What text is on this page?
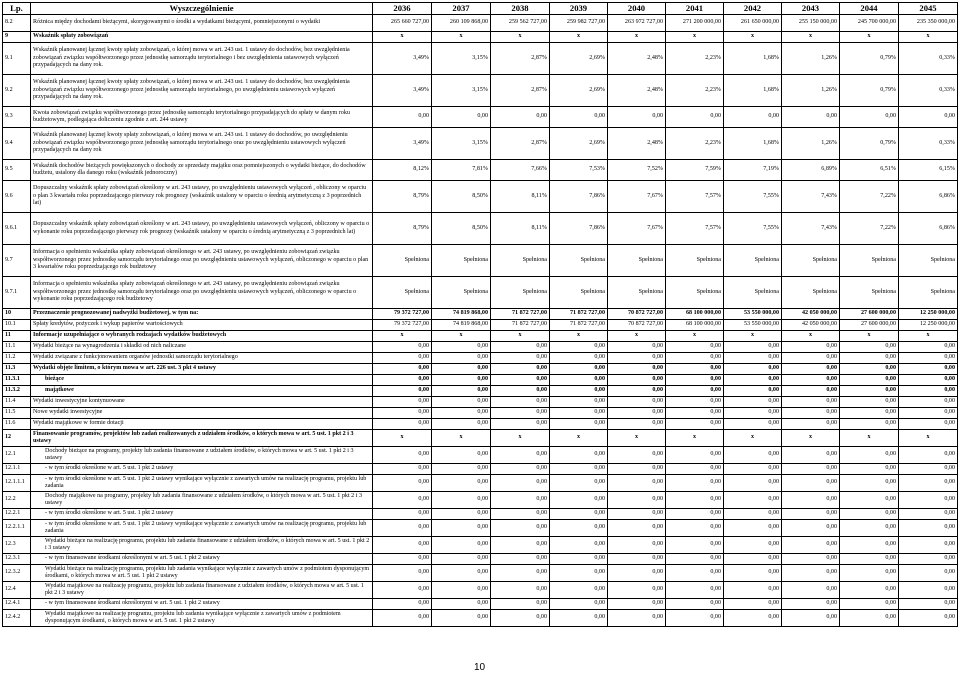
Lp.	Wyszczególnienie	2036	2037	2038	2039	2040	2041	2042	2043	2044	2045
8.2	Różnica między dochodami bieżącymi, skorygowanymi o środki a wydatkami bieżącymi, pomniejszonymi o wydatki	265 660 727,00	260 109 868,00	259 562 727,00	259 982 727,00	263 972 727,00	271 200 000,00	261 650 000,00	255 150 000,00	245 700 000,00	235 350 000,00
9	Wskaźnik spłaty zobowiązań	x	x	x	x	x	x	x	x	x	x
9.1	Wskaźnik planowanej łącznej kwoty spłaty zobowiązań, o której mowa w art. 243 ust. 1 ustawy do dochodów, bez uwzględnienia zobowiązań związku współtworzonego przez jednostkę samorządu terytorialnego i bez uwzględnienia ustawowych wyłączeń przypadających na dany rok.	3,49%	3,15%	2,87%	2,69%	2,48%	2,23%	1,68%	1,26%	0,79%	0,33%
9.2	Wskaźnik planowanej łącznej kwoty spłaty zobowiązań, o której mowa w art. 243 ust. 1 ustawy do dochodów, bez uwzględnienia zobowiązań związku współtworzonego przez jednostkę samorządu terytorialnego, po uwzględnieniu ustawowych wyłączeń przypadających na dany rok.	3,49%	3,15%	2,87%	2,69%	2,48%	2,23%	1,68%	1,26%	0,79%	0,33%
9.3	Kwota zobowiązań związku współtworzonego przez jednostkę samorządu terytorialnego przypadających do spłaty w danym roku budżetowym, podlegająca doliczeniu zgodnie z art. 244 ustawy	0,00	0,00	0,00	0,00	0,00	0,00	0,00	0,00	0,00	0,00
9.4	Wskaźnik planowanej łącznej kwoty spłaty zobowiązań, o której mowa w art. 243 ust. 1 ustawy do dochodów, po uwzględnieniu zobowiązań związku współtworzonego przez jednostkę samorządu terytorialnego oraz po uwzględnieniu ustawowych wyłączeń przypadających na dany rok	3,49%	3,15%	2,87%	2,69%	2,48%	2,23%	1,68%	1,26%	0,79%	0,33%
9.5	Wskaźnik dochodów bieżących powiększonych o dochody ze sprzedaży majątku oraz pomniejszonych o wydatki bieżące, do dochodów budżetu, ustalony dla danego roku (wskaźnik jednoroczny)	8,12%	7,81%	7,66%	7,53%	7,52%	7,59%	7,19%	6,89%	6,51%	6,15%
9.6	Dopuszczalny wskaźnik spłaty zobowiązań określony w art. 243 ustawy, po uwzględnieniu ustawowych wyłączeń , obliczony w oparciu o plan 3 kwartału roku poprzedzającego pierwszy rok prognozy (wskaźnik ustalony w oparciu o średnią arytmetyczną z 3 poprzednich lat)	8,79%	8,50%	8,11%	7,86%	7,67%	7,57%	7,55%	7,43%	7,22%	6,86%
9.6.1	Dopuszczalny wskaźnik spłaty zobowiązań określony w art. 243 ustawy, po uwzględnieniu ustawowych wyłączeń, obliczony w oparciu o wykonanie roku poprzedzającego pierwszy rok prognozy (wskaźnik ustalony w oparciu o średnią arytmetyczną z 3 poprzednich lat)	8,79%	8,50%	8,11%	7,86%	7,67%	7,57%	7,55%	7,43%	7,22%	6,86%
9.7	Informacja o spełnieniu wskaźnika spłaty zobowiązań określonego w art. 243 ustawy, po uwzględnieniu zobowiązań związku współtworzonego przez jednostkę samorządu terytorialnego oraz po uwzględnieniu ustawowych wyłączeń, obliczonego w oparciu o plan 3 kwartałów roku poprzedzającego rok budżetowy	Spełniona	Spełniona	Spełniona	Spełniona	Spełniona	Spełniona	Spełniona	Spełniona	Spełniona	Spełniona
9.7.1	Informacja o spełnieniu wskaźnika spłaty zobowiązań określonego w art. 243 ustawy, po uwzględnieniu zobowiązań związku współtworzonego przez jednostkę samorządu terytorialnego oraz po uwzględnieniu ustawowych wyłączeń, obliczonego w oparciu o wykonanie roku poprzedzającego rok budżetowy	Spełniona	Spełniona	Spełniona	Spełniona	Spełniona	Spełniona	Spełniona	Spełniona	Spełniona	Spełniona
10	Przeznaczenie prognozowanej nadwyżki budżetowej, w tym na:	79 372 727,00	74 819 868,00	71 872 727,00	71 872 727,00	70 872 727,00	68 100 000,00	53 550 000,00	42 050 000,00	27 600 000,00	12 250 000,00
10.1	Spłaty kredytów, pożyczek i wykup papierów wartościowych	79 372 727,00	74 819 868,00	71 872 727,00	71 872 727,00	70 872 727,00	68 100 000,00	53 550 000,00	42 050 000,00	27 600 000,00	12 250 000,00
11	Informacje uzupełniające o wybranych rodzajach wydatków budżetowych	x	x	x	x	x	x	x	x	x	x
11.1	Wydatki bieżące na wynagrodzenia i składki od nich naliczane	0,00	0,00	0,00	0,00	0,00	0,00	0,00	0,00	0,00	0,00
11.2	Wydatki związane z funkcjonowaniem organów jednostki samorządu terytorialnego	0,00	0,00	0,00	0,00	0,00	0,00	0,00	0,00	0,00	0,00
11.3	Wydatki objęte limitem, o którym mowa w art. 226 ust. 3 pkt 4 ustawy	0,00	0,00	0,00	0,00	0,00	0,00	0,00	0,00	0,00	0,00
11.3.1	bieżące	0,00	0,00	0,00	0,00	0,00	0,00	0,00	0,00	0,00	0,00
11.3.2	majątkowe	0,00	0,00	0,00	0,00	0,00	0,00	0,00	0,00	0,00	0,00
11.4	Wydatki inwestycyjne kontynuowane	0,00	0,00	0,00	0,00	0,00	0,00	0,00	0,00	0,00	0,00
11.5	Nowe wydatki inwestycyjne	0,00	0,00	0,00	0,00	0,00	0,00	0,00	0,00	0,00	0,00
11.6	Wydatki majątkowe w formie dotacji	0,00	0,00	0,00	0,00	0,00	0,00	0,00	0,00	0,00	0,00
12	Finansowanie programów, projektów lub zadań realizowanych z udziałem środków, o których mowa w art. 5 ust. 1 pkt 2 i 3 ustawy	x	x	x	x	x	x	x	x	x	x
12.1	Dochody bieżące na programy, projekty lub zadania finansowane z udziałem środków, o których mowa w art. 5 ust. 1 pkt 2 i 3 ustawy	0,00	0,00	0,00	0,00	0,00	0,00	0,00	0,00	0,00	0,00
12.1.1	- w tym środki określone w art. 5 ust. 1 pkt 2 ustawy	0,00	0,00	0,00	0,00	0,00	0,00	0,00	0,00	0,00	0,00
12.1.1.1	- w tym środki określone w art. 5 ust. 1 pkt 2 ustawy wynikające wyłącznie z zawartych umów na realizację programu, projektu lub zadania	0,00	0,00	0,00	0,00	0,00	0,00	0,00	0,00	0,00	0,00
12.2	Dochody majątkowe na programy, projekty lub zadania finansowane z udziałem środków, o których mowa w art. 5 ust. 1 pkt 2 i 3 ustawy	0,00	0,00	0,00	0,00	0,00	0,00	0,00	0,00	0,00	0,00
12.2.1	- w tym środki określone w art. 5 ust. 1 pkt 2 ustawy	0,00	0,00	0,00	0,00	0,00	0,00	0,00	0,00	0,00	0,00
12.2.1.1	- w tym środki określone w art. 5 ust. 1 pkt 2 ustawy wynikające wyłącznie z zawartych umów na realizację programu, projektu lub zadania	0,00	0,00	0,00	0,00	0,00	0,00	0,00	0,00	0,00	0,00
12.3	Wydatki bieżące na realizację programu, projektu lub zadania finansowane z udziałem środków, o których mowa w art. 5 ust. 1 pkt 2 i 3 ustawy	0,00	0,00	0,00	0,00	0,00	0,00	0,00	0,00	0,00	0,00
12.3.1	- w tym finansowane środkami określonymi w art. 5 ust. 1 pkt 2 ustawy	0,00	0,00	0,00	0,00	0,00	0,00	0,00	0,00	0,00	0,00
12.3.2	Wydatki bieżące na realizację programu, projektu lub zadania wynikające wyłącznie z zawartych umów z podmiotem dysponującym środkami, o których mowa w art. 5 ust. 1 pkt 2 ustawy	0,00	0,00	0,00	0,00	0,00	0,00	0,00	0,00	0,00	0,00
12.4	Wydatki majątkowe na realizację programu, projektu lub zadania finansowane z udziałem środków, o których mowa w art. 5 ust. 1 pkt 2 i 3 ustawy	0,00	0,00	0,00	0,00	0,00	0,00	0,00	0,00	0,00	0,00
12.4.1	- w tym finansowane środkami określonymi w art. 5 ust. 1 pkt 2 ustawy	0,00	0,00	0,00	0,00	0,00	0,00	0,00	0,00	0,00	0,00
12.4.2	Wydatki majątkowe na realizację programu, projektu lub zadania wynikające wyłącznie z zawartych umów z podmiotem dysponującym środkami, o których mowa w art. 5 ust. 1 pkt 2 ustawy	0,00	0,00	0,00	0,00	0,00	0,00	0,00	0,00	0,00	0,00
10
